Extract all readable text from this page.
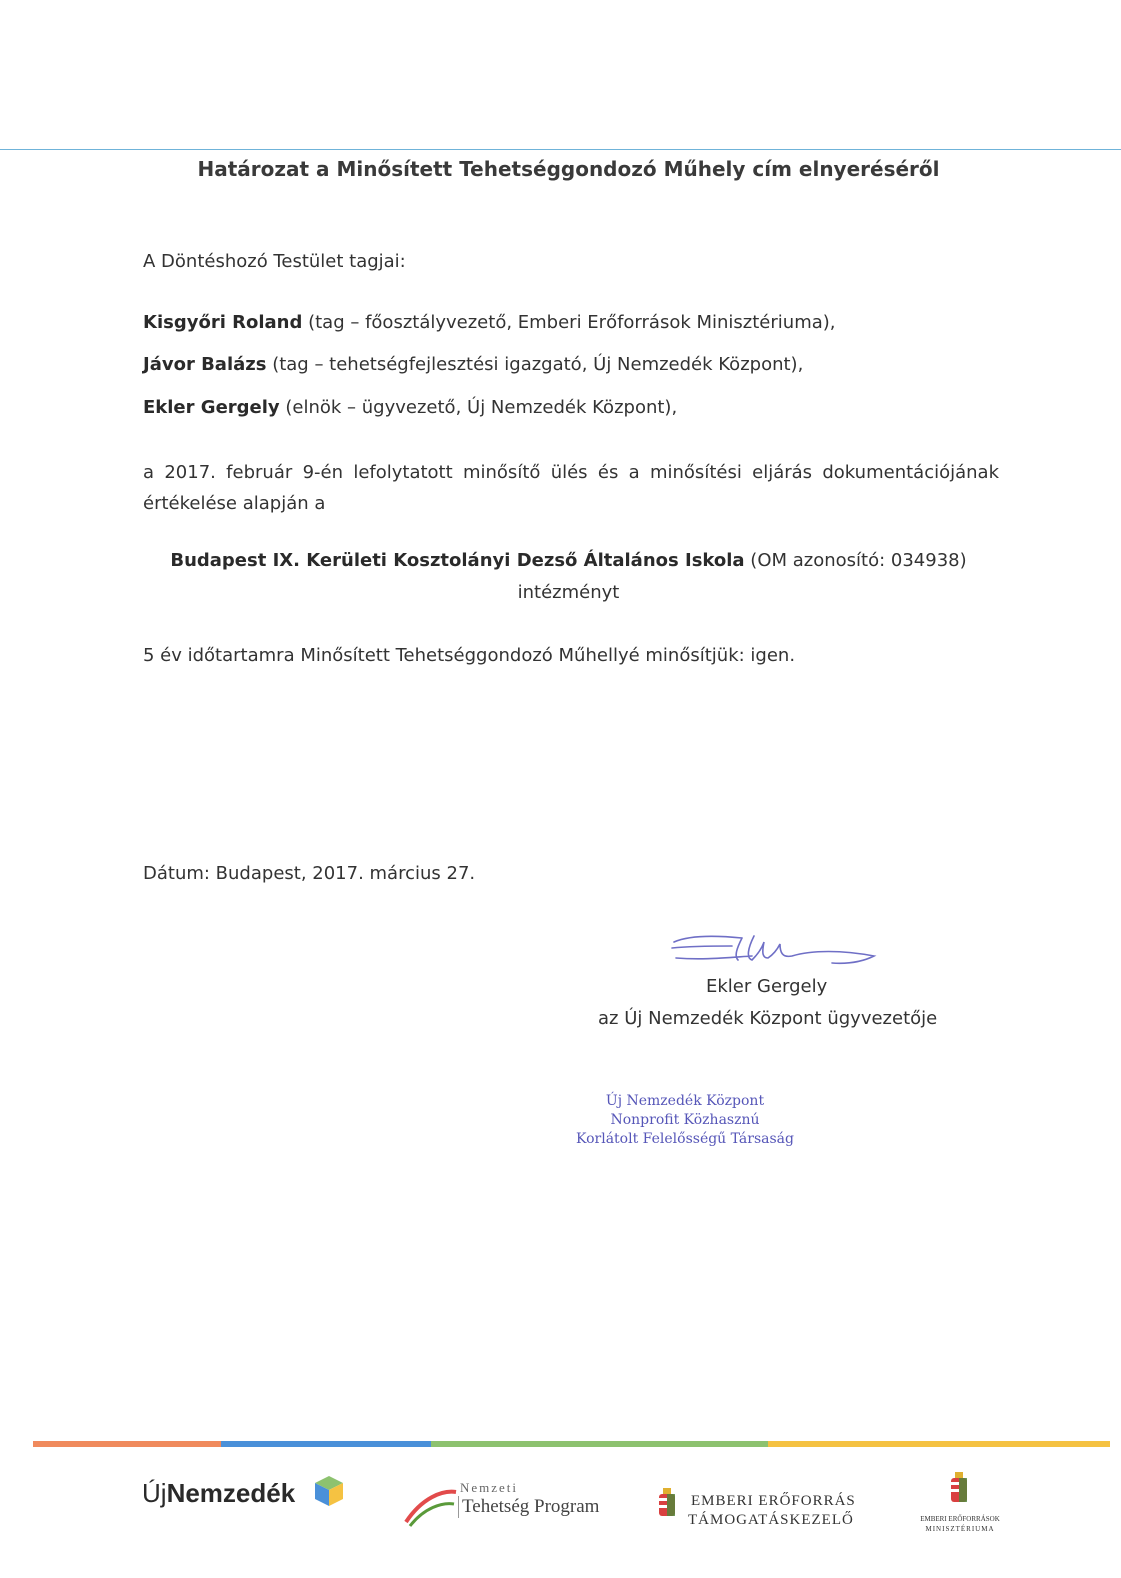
Határozat a Minősített Tehetséggondozó Műhely cím elnyeréséről
A Döntéshozó Testület tagjai:
Kisgyőri Roland (tag – főosztályvezető, Emberi Erőforrások Minisztériuma),
Jávor Balázs (tag – tehetségfejlesztési igazgató, Új Nemzedék Központ),
Ekler Gergely (elnök – ügyvezető, Új Nemzedék Központ),
a 2017. február 9-én lefolytatott minősítő ülés és a minősítési eljárás dokumentációjának értékelése alapján a
Budapest IX. Kerületi Kosztolányi Dezső Általános Iskola (OM azonosító: 034938)
intézményt
5 év időtartamra Minősített Tehetséggondozó Műhellyé minősítjük: igen.
Dátum: Budapest, 2017. március 27.
Ekler Gergely
az Új Nemzedék Központ ügyvezetője
Új Nemzedék Központ
Nonprofit Közhasznú
Korlátolt Felelősségű Társaság
ÚjNemzedék	Nemzeti
Tehetség Program	EMBERI ERŐFORRÁS
TÁMOGATÁSKEZELŐ	EMBERI ERŐFORRÁSOK
MINISZTÉRIUMA
